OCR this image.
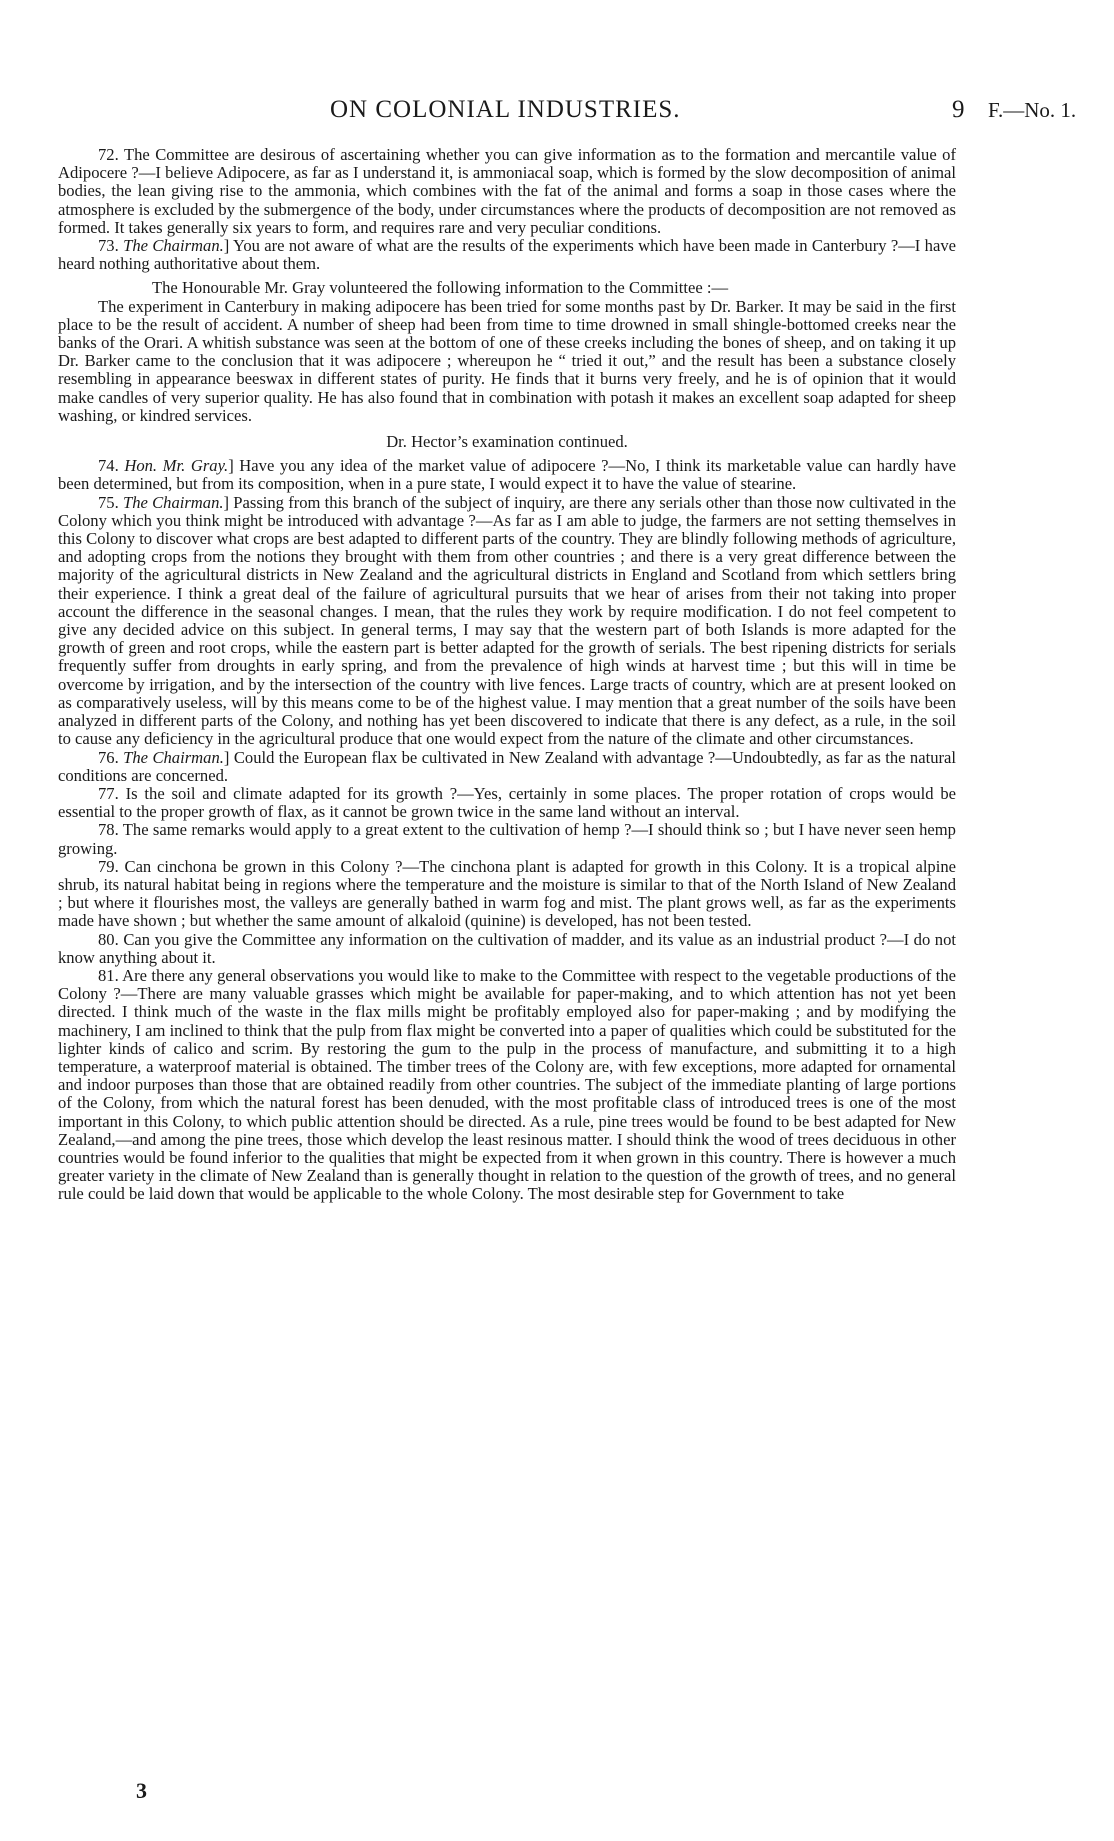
ON COLONIAL INDUSTRIES.	9 F.—No. 1.

72. The Committee are desirous of ascertaining whether you can give information as to the formation and mercantile value of Adipocere ?—I believe Adipocere, as far as I understand it, is ammoniacal soap, which is formed by the slow decomposition of animal bodies, the lean giving rise to the ammonia, which combines with the fat of the animal and forms a soap in those cases where the atmosphere is excluded by the submergence of the body, under circumstances where the products of decomposition are not removed as formed. It takes generally six years to form, and requires rare and very peculiar conditions.

73. The Chairman.] You are not aware of what are the results of the experiments which have been made in Canterbury ?—I have heard nothing authoritative about them.

The Honourable Mr. Gray volunteered the following information to the Committee :—

The experiment in Canterbury in making adipocere has been tried for some months past by Dr. Barker. It may be said in the first place to be the result of accident. A number of sheep had been from time to time drowned in small shingle-bottomed creeks near the banks of the Orari. A whitish substance was seen at the bottom of one of these creeks including the bones of sheep, and on taking it up Dr. Barker came to the conclusion that it was adipocere ; whereupon he “ tried it out,” and the result has been a substance closely resembling in appearance beeswax in different states of purity. He finds that it burns very freely, and he is of opinion that it would make candles of very superior quality. He has also found that in combination with potash it makes an excellent soap adapted for sheep washing, or kindred services.

Dr. Hector’s examination continued.

74. Hon. Mr. Gray.] Have you any idea of the market value of adipocere ?—No, I think its marketable value can hardly have been determined, but from its composition, when in a pure state, I would expect it to have the value of stearine.

75. The Chairman.] Passing from this branch of the subject of inquiry, are there any serials other than those now cultivated in the Colony which you think might be introduced with advantage ?—As far as I am able to judge, the farmers are not setting themselves in this Colony to discover what crops are best adapted to different parts of the country. They are blindly following methods of agriculture, and adopting crops from the notions they brought with them from other countries ; and there is a very great difference between the majority of the agricultural districts in New Zealand and the agricultural districts in England and Scotland from which settlers bring their experience. I think a great deal of the failure of agricultural pursuits that we hear of arises from their not taking into proper account the difference in the seasonal changes. I mean, that the rules they work by require modification. I do not feel competent to give any decided advice on this subject. In general terms, I may say that the western part of both Islands is more adapted for the growth of green and root crops, while the eastern part is better adapted for the growth of serials. The best ripening districts for serials frequently suffer from droughts in early spring, and from the prevalence of high winds at harvest time ; but this will in time be overcome by irrigation, and by the intersection of the country with live fences. Large tracts of country, which are at present looked on as comparatively useless, will by this means come to be of the highest value. I may mention that a great number of the soils have been analyzed in different parts of the Colony, and nothing has yet been discovered to indicate that there is any defect, as a rule, in the soil to cause any deficiency in the agricultural produce that one would expect from the nature of the climate and other circumstances.

76. The Chairman.] Could the European flax be cultivated in New Zealand with advantage ?—Undoubtedly, as far as the natural conditions are concerned.

77. Is the soil and climate adapted for its growth ?—Yes, certainly in some places. The proper rotation of crops would be essential to the proper growth of flax, as it cannot be grown twice in the same land without an interval.

78. The same remarks would apply to a great extent to the cultivation of hemp ?—I should think so ; but I have never seen hemp growing.

79. Can cinchona be grown in this Colony ?—The cinchona plant is adapted for growth in this Colony. It is a tropical alpine shrub, its natural habitat being in regions where the temperature and the moisture is similar to that of the North Island of New Zealand ; but where it flourishes most, the valleys are generally bathed in warm fog and mist. The plant grows well, as far as the experiments made have shown ; but whether the same amount of alkaloid (quinine) is developed, has not been tested.

80. Can you give the Committee any information on the cultivation of madder, and its value as an industrial product ?—I do not know anything about it.

81. Are there any general observations you would like to make to the Committee with respect to the vegetable productions of the Colony ?—There are many valuable grasses which might be available for paper-making, and to which attention has not yet been directed. I think much of the waste in the flax mills might be profitably employed also for paper-making ; and by modifying the machinery, I am inclined to think that the pulp from flax might be converted into a paper of qualities which could be substituted for the lighter kinds of calico and scrim. By restoring the gum to the pulp in the process of manufacture, and submitting it to a high temperature, a waterproof material is obtained. The timber trees of the Colony are, with few exceptions, more adapted for ornamental and indoor purposes than those that are obtained readily from other countries. The subject of the immediate planting of large portions of the Colony, from which the natural forest has been denuded, with the most profitable class of introduced trees is one of the most important in this Colony, to which public attention should be directed. As a rule, pine trees would be found to be best adapted for New Zealand,—and among the pine trees, those which develop the least resinous matter. I should think the wood of trees deciduous in other countries would be found inferior to the qualities that might be expected from it when grown in this country. There is however a much greater variety in the climate of New Zealand than is generally thought in relation to the question of the growth of trees, and no general rule could be laid down that would be applicable to the whole Colony. The most desirable step for Government to take

3
